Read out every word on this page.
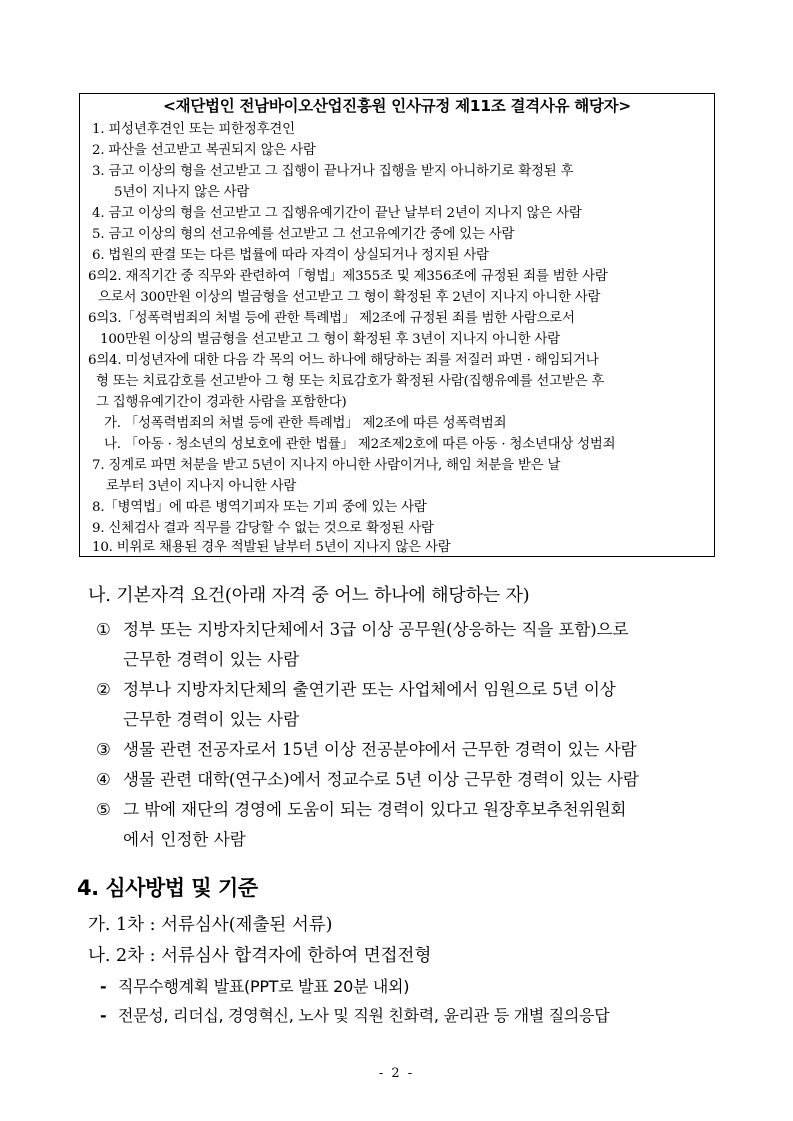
<재단법인 전남바이오산업진흥원 인사규정 제11조 결격사유 해당자>
1. 피성년후견인 또는 피한정후견인
2. 파산을 선고받고 복권되지 않은 사람
3. 금고 이상의 형을 선고받고 그 집행이 끝나거나 집행을 받지 아니하기로 확정된 후
5년이 지나지 않은 사람
4. 금고 이상의 형을 선고받고 그 집행유예기간이 끝난 날부터 2년이 지나지 않은 사람
5. 금고 이상의 형의 선고유예를 선고받고 그 선고유예기간 중에 있는 사람
6. 법원의 판결 또는 다른 법률에 따라 자격이 상실되거나 정지된 사람
6의2. 재직기간 중 직무와 관련하여「형법」제355조 및 제356조에 규정된 죄를 범한 사람
으로서 300만원 이상의 벌금형을 선고받고 그 형이 확정된 후 2년이 지나지 아니한 사람
6의3.「성폭력범죄의 처벌 등에 관한 특례법」 제2조에 규정된 죄를 범한 사람으로서
100만원 이상의 벌금형을 선고받고 그 형이 확정된 후 3년이 지나지 아니한 사람
6의4. 미성년자에 대한 다음 각 목의 어느 하나에 해당하는 죄를 저질러 파면 · 해임되거나
형 또는 치료감호를 선고받아 그 형 또는 치료감호가 확정된 사람(집행유예를 선고받은 후
그 집행유예기간이 경과한 사람을 포함한다)
가. 「성폭력범죄의 처벌 등에 관한 특례법」 제2조에 따른 성폭력범죄
나. 「아동 · 청소년의 성보호에 관한 법률」 제2조제2호에 따른 아동 · 청소년대상 성범죄
7. 징계로 파면 처분을 받고 5년이 지나지 아니한 사람이거나, 해임 처분을 받은 날
로부터 3년이 지나지 아니한 사람
8.「병역법」에 따른 병역기피자 또는 기피 중에 있는 사람
9. 신체검사 결과 직무를 감당할 수 없는 것으로 확정된 사람
10. 비위로 채용된 경우 적발된 날부터 5년이 지나지 않은 사람
나. 기본자격 요건(아래 자격 중 어느 하나에 해당하는 자)
① 정부 또는 지방자치단체에서 3급 이상 공무원(상응하는 직을 포함)으로
근무한 경력이 있는 사람
② 정부나 지방자치단체의 출연기관 또는 사업체에서 임원으로 5년 이상
근무한 경력이 있는 사람
③ 생물 관련 전공자로서 15년 이상 전공분야에서 근무한 경력이 있는 사람
④ 생물 관련 대학(연구소)에서 정교수로 5년 이상 근무한 경력이 있는 사람
⑤ 그 밖에 재단의 경영에 도움이 되는 경력이 있다고 원장후보추천위원회
에서 인정한 사람
4. 심사방법 및 기준
가. 1차 : 서류심사(제출된 서류)
나. 2차 : 서류심사 합격자에 한하여 면접전형
- 직무수행계획 발표(PPT로 발표 20분 내외)
- 전문성, 리더십, 경영혁신, 노사 및 직원 친화력, 윤리관 등 개별 질의응답
- 2 -
